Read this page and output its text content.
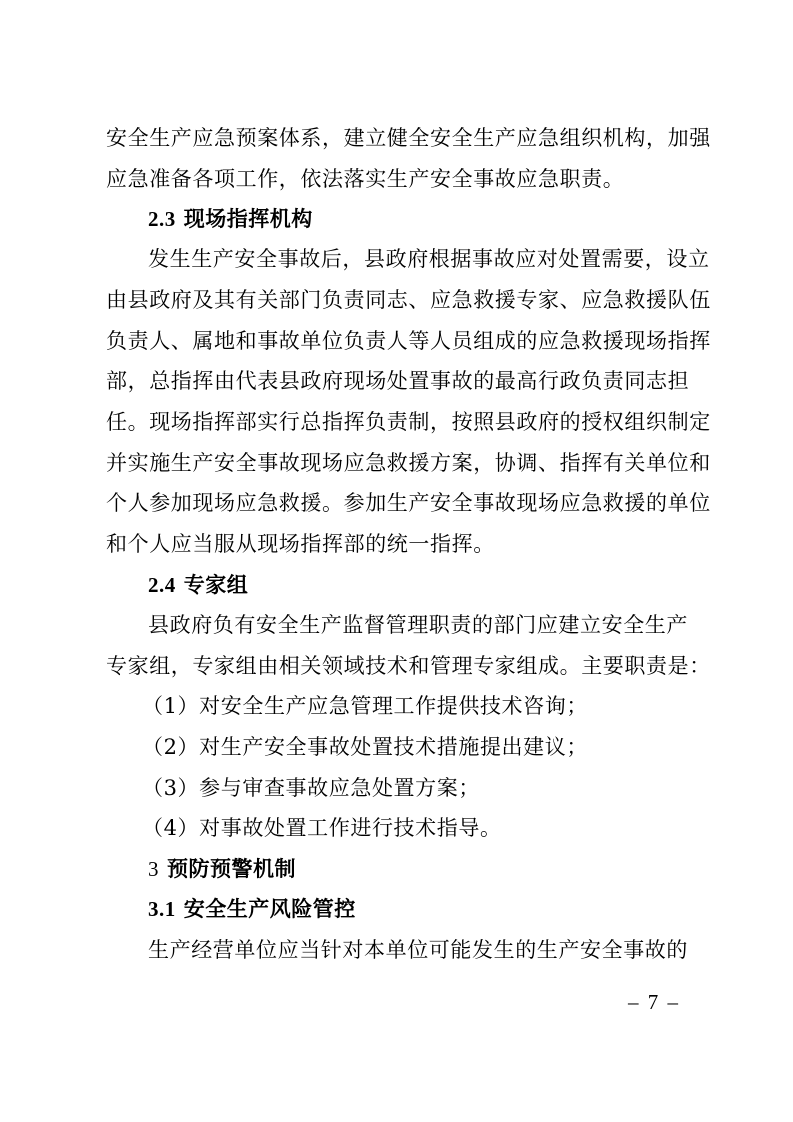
安全生产应急预案体系，建立健全安全生产应急组织机构，加强
应急准备各项工作，依法落实生产安全事故应急职责。
2.3 现场指挥机构
发生生产安全事故后，县政府根据事故应对处置需要，设立
由县政府及其有关部门负责同志、应急救援专家、应急救援队伍
负责人、属地和事故单位负责人等人员组成的应急救援现场指挥
部，总指挥由代表县政府现场处置事故的最高行政负责同志担
任。现场指挥部实行总指挥负责制，按照县政府的授权组织制定
并实施生产安全事故现场应急救援方案，协调、指挥有关单位和
个人参加现场应急救援。参加生产安全事故现场应急救援的单位
和个人应当服从现场指挥部的统一指挥。
2.4 专家组
县政府负有安全生产监督管理职责的部门应建立安全生产
专家组，专家组由相关领域技术和管理专家组成。主要职责是：
（1）对安全生产应急管理工作提供技术咨询；
（2）对生产安全事故处置技术措施提出建议；
（3）参与审查事故应急处置方案；
（4）对事故处置工作进行技术指导。
3 预防预警机制
3.1 安全生产风险管控
生产经营单位应当针对本单位可能发生的生产安全事故的
– 7 –
